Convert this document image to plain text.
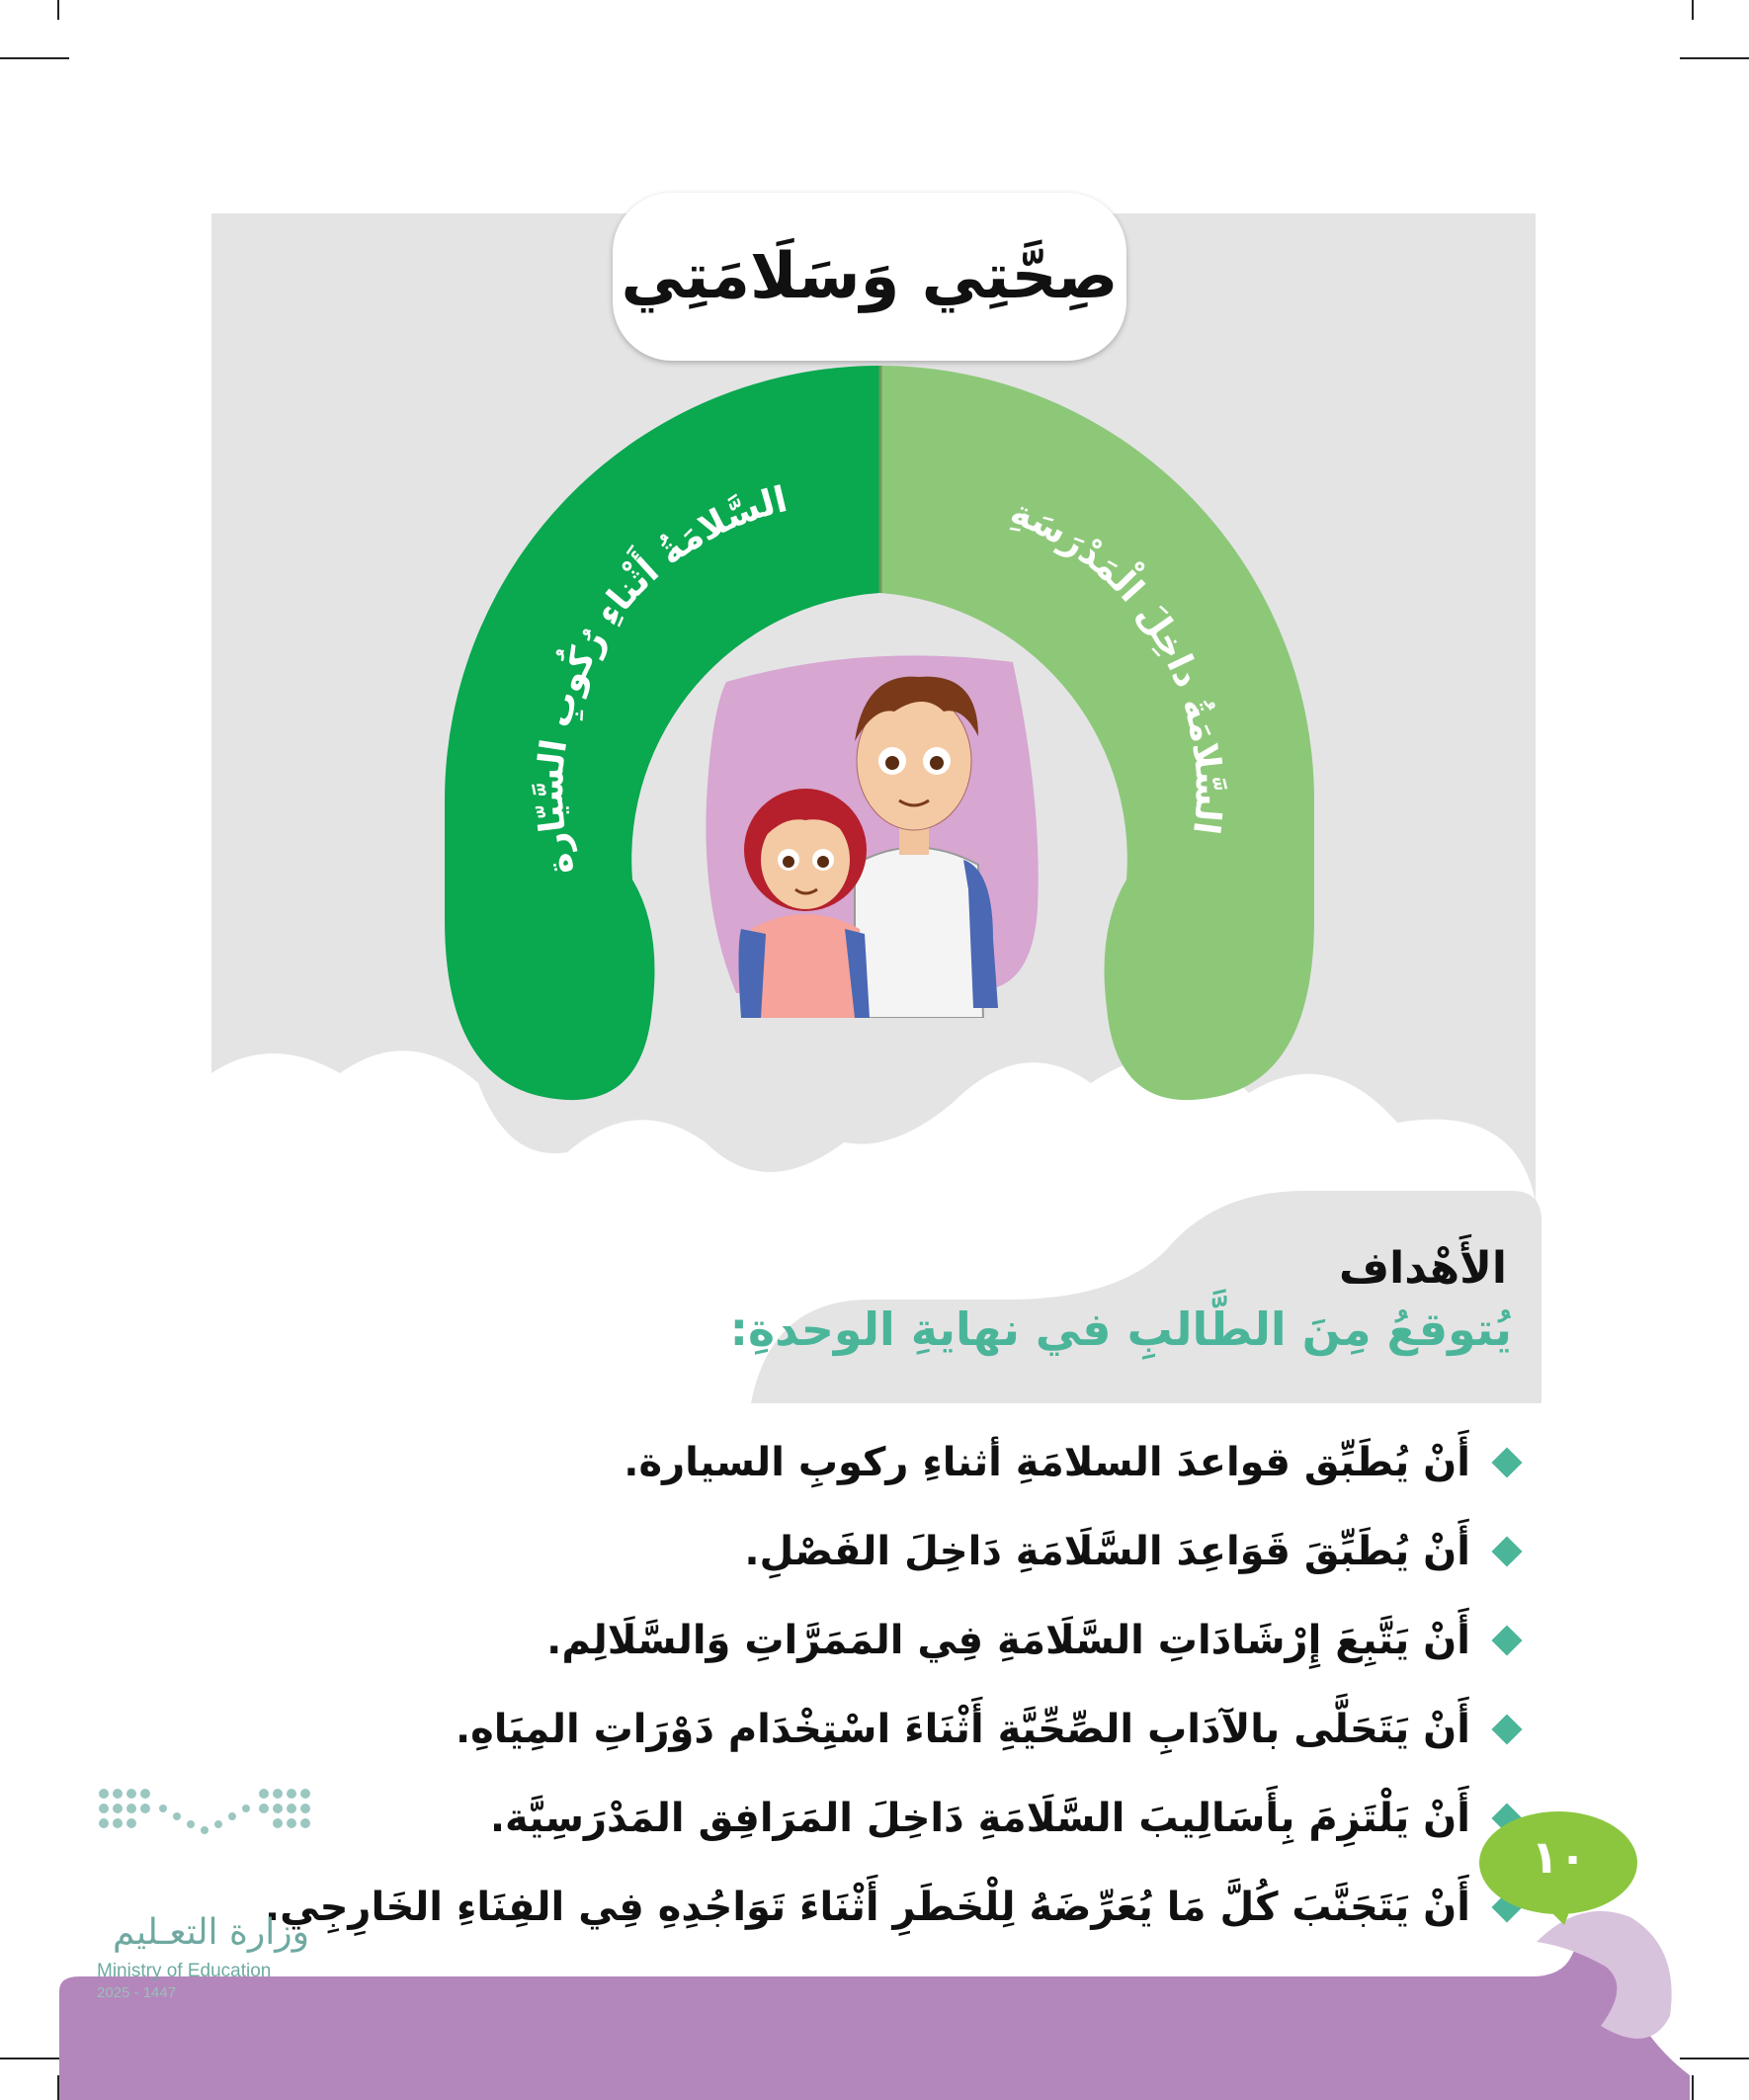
صِحَّتِي وَسَلَامَتِي
السَّلامَةُ أَثْناءِ رُكُوبِ السَّيّارة	السَّلامَةُ داخِلَ الْمَدْرَسَةِ
الأَهْداف
يُتوقعُ مِنَ الطَّالبِ في نهايةِ الوحدةِ:
أَنْ يُطَبِّق قواعدَ السلامَةِ أثناءِ ركوبِ السيارة.
أَنْ يُطَبِّقَ قَوَاعِدَ السَّلَامَةِ دَاخِلَ الفَصْلِ.
أَنْ يَتَّبِعَ إِرْشَادَاتِ السَّلَامَةِ فِي المَمَرَّاتِ وَالسَّلَالِم.
أَنْ يَتَحَلَّى بالآدَابِ الصِّحِّيَّةِ أَثْنَاءَ اسْتِخْدَام دَوْرَاتِ المِيَاهِ.
أَنْ يَلْتَزِمَ بِأَسَالِيبَ السَّلَامَةِ دَاخِلَ المَرَافِق المَدْرَسِيَّة.
أَنْ يَتَجَنَّبَ كُلَّ مَا يُعَرِّضَهُ لِلْخَطَرِ أَثْنَاءَ تَوَاجُدِهِ فِي الفِنَاءِ الخَارِجِي.
١٠
وزارة التعـليم
Ministry of Education
2025 - 1447
